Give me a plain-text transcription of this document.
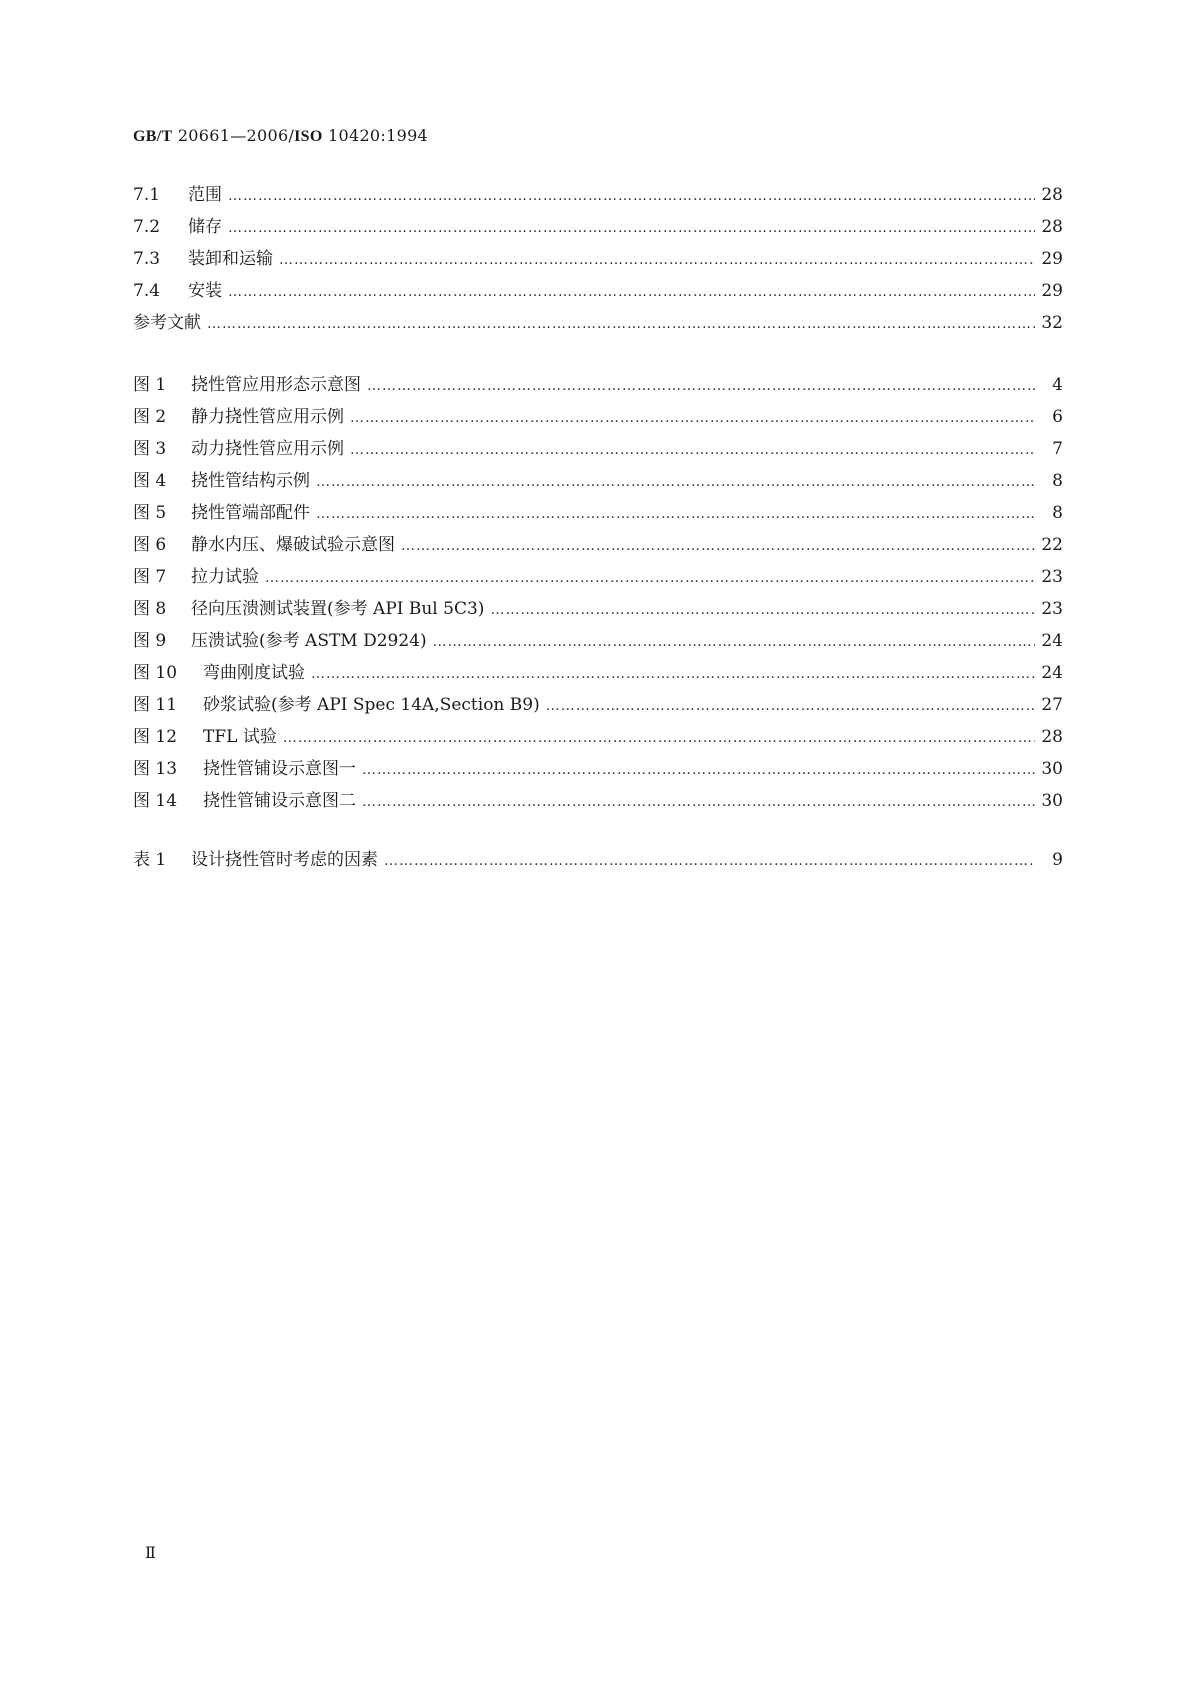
GB/T 20661—2006/ISO 10420:1994
7.1	范围 …………………………………………………………………………………………………………………………………………………………………………………………………………………………	28
7.2	储存 …………………………………………………………………………………………………………………………………………………………………………………………………………………………	28
7.3	装卸和运输 …………………………………………………………………………………………………………………………………………………………………………………………………………………………	29
7.4	安装 …………………………………………………………………………………………………………………………………………………………………………………………………………………………	29
参考文献 …………………………………………………………………………………………………………………………………………………………………………………………………………………………	32
图 1	挠性管应用形态示意图 …………………………………………………………………………………………………………………………………………………………………………………………………………………………	4
图 2	静力挠性管应用示例 …………………………………………………………………………………………………………………………………………………………………………………………………………………………	6
图 3	动力挠性管应用示例 …………………………………………………………………………………………………………………………………………………………………………………………………………………………	7
图 4	挠性管结构示例 …………………………………………………………………………………………………………………………………………………………………………………………………………………………	8
图 5	挠性管端部配件 …………………………………………………………………………………………………………………………………………………………………………………………………………………………	8
图 6	静水内压、爆破试验示意图 …………………………………………………………………………………………………………………………………………………………………………………………………………………………	22
图 7	拉力试验 …………………………………………………………………………………………………………………………………………………………………………………………………………………………	23
图 8	径向压溃测试装置(参考 API Bul 5C3) …………………………………………………………………………………………………………………………………………………………………………………………………………………………	23
图 9	压溃试验(参考 ASTM D2924) …………………………………………………………………………………………………………………………………………………………………………………………………………………………	24
图 10	弯曲刚度试验 …………………………………………………………………………………………………………………………………………………………………………………………………………………………	24
图 11	砂浆试验(参考 API Spec 14A,Section B9) …………………………………………………………………………………………………………………………………………………………………………………………………………………………	27
图 12	TFL 试验 …………………………………………………………………………………………………………………………………………………………………………………………………………………………	28
图 13	挠性管铺设示意图一 …………………………………………………………………………………………………………………………………………………………………………………………………………………………	30
图 14	挠性管铺设示意图二 …………………………………………………………………………………………………………………………………………………………………………………………………………………………	30
表 1	设计挠性管时考虑的因素 …………………………………………………………………………………………………………………………………………………………………………………………………………………………	9
Ⅱ
